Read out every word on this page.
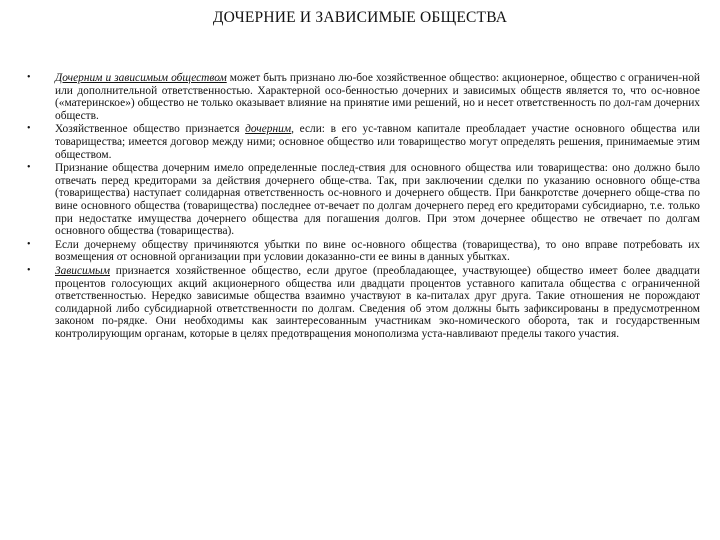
ДОЧЕРНИЕ И ЗАВИСИМЫЕ ОБЩЕСТВА
• Дочерним и зависимым обществом может быть признано лю-бое хозяйственное общество: акционерное, общество с ограничен-ной или дополнительной ответственностью. Характерной осо-бенностью дочерних и зависимых обществ является то, что ос-новное («материнское») общество не только оказывает влияние на принятие ими решений, но и несет ответственность по дол-гам дочерних обществ.
• Хозяйственное общество признается дочерним, если: в его ус-тавном капитале преобладает участие основного общества или товарищества; имеется договор между ними; основное общество или товарищество могут определять решения, принимаемые этим обществом.
• Признание общества дочерним имело определенные послед-ствия для основного общества или товарищества: оно должно было отвечать перед кредиторами за действия дочернего обще-ства. Так, при заключении сделки по указанию основного обще-ства (товарищества) наступает солидарная ответственность ос-новного и дочернего обществ. При банкротстве дочернего обще-ства по вине основного общества (товарищества) последнее от-вечает по долгам дочернего перед его кредиторами субсидиарно, т.е. только при недостатке имущества дочернего общества для погашения долгов. При этом дочернее общество не отвечает по долгам основного общества (товарищества).
• Если дочернему обществу причиняются убытки по вине ос-новного общества (товарищества), то оно вправе потребовать их возмещения от основной организации при условии доказанно-сти ее вины в данных убытках.
• Зависимым признается хозяйственное общество, если другое (преобладающее, участвующее) общество имеет более двадцати процентов голосующих акций акционерного общества или двадцати процентов уставного капитала общества с ограниченной ответственностью. Нередко зависимые общества взаимно участвуют в ка-питалах друг друга. Такие отношения не порождают солидарной либо субсидиарной ответственности по долгам. Сведения об этом должны быть зафиксированы в предусмотренном законом по-рядке. Они необходимы как заинтересованным участникам эко-номического оборота, так и государственным контролирующим органам, которые в целях предотвращения монополизма уста-навливают пределы такого участия.
